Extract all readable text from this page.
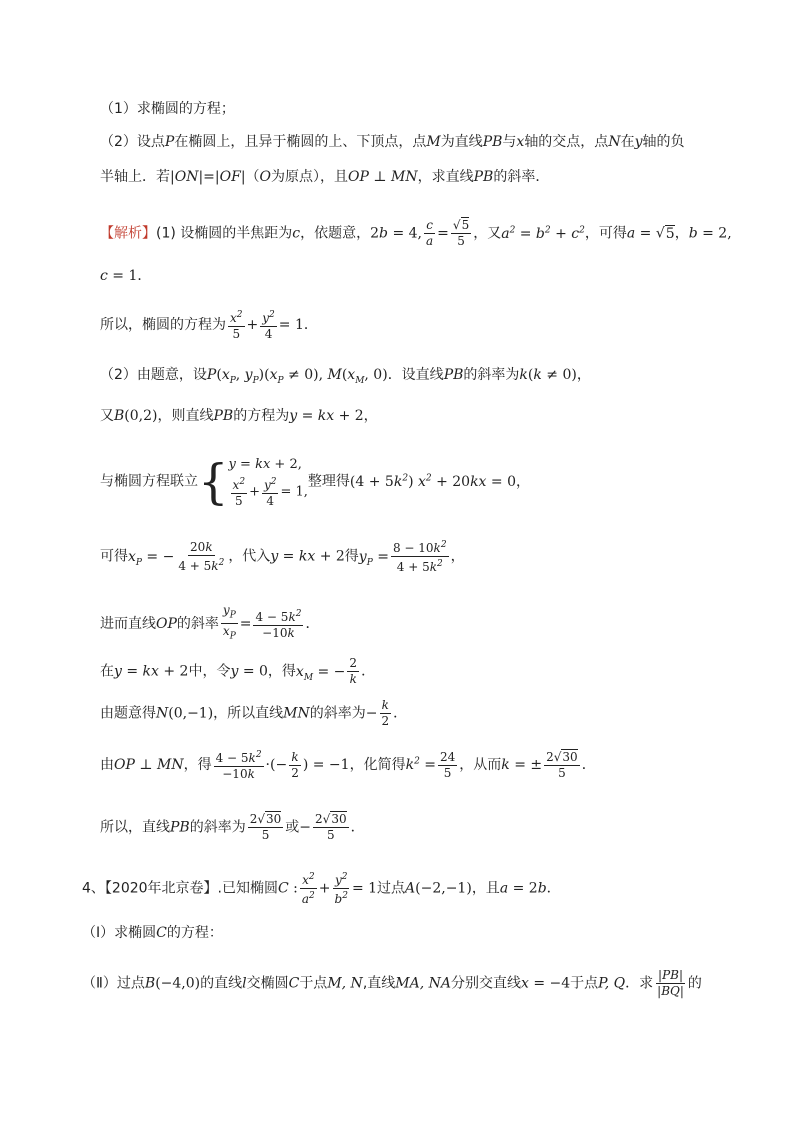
（1）求椭圆的方程；
（2）设点P在椭圆上，且异于椭圆的上、下顶点，点M为直线PB与x轴的交点，点N在y轴的负
半轴上．若|ON|=|OF|（O为原点），且OP ⊥ MN，求直线PB的斜率．
【解析】(1) 设椭圆的半焦距为c，依题意，2b = 4, $\frac{c}{a} = \frac{√5}{5}$ ，又$a^2 = b^2 + c^2$，可得a = √5，b = 2,
c = 1．
所以，椭圆的方程为 $\frac{x^2}{5} + \frac{y^2}{4} = 1$．
（2）由题意，设$P(x_P$, $y_P)(x_P \ne 0)$, $M(x_M$, 0)．设直线PB的斜率为k(k ≠ 0)，
又B(0,2)，则直线PB的方程为y = kx + 2，
与椭圆方程联立 { y = kx + 2,
$\frac{x^2}{5} + \frac{y^2}{4} = 1$,
整理得$(4 + 5k^2)$ $x^2 + 20kx = 0$，
可得$x_P$ = − $\frac{20k}{4 + 5k^2}$ ，代入y = kx + 2得$y_P = \frac{8 - 10k^2}{4 + 5k^2}$ ，
进而直线OP的斜率 $\frac{y_P}{x_P} = \frac{4 - 5k^2}{-10k}$ ．
在y = kx + 2中，令y = 0，得$x_M$ = − $\frac{2}{k}$ ．
由题意得N(0,−1)，所以直线MN的斜率为− $\frac{k}{2}$ ．
由OP ⊥ MN，得 $\frac{4 - 5k^2}{-10k}$ ·(− $\frac{k}{2}$ ) = −1，化简得$k^2 = \frac{24}{5}$ ，从而k = ± $\frac{2√30}{5}$ ．
所以，直线PB的斜率为 $\frac{2√30}{5}$ 或− $\frac{2√30}{5}$ ．
4、【2020年北京卷】.已知椭圆C : $\frac{x^2}{a^2} + \frac{y^2}{b^2} = 1$过点A(−2,−1)，且a = 2b．
（Ⅰ）求椭圆C的方程：
（Ⅱ）过点B(−4,0)的直线l交椭圆C于点M, N,直线MA, NA分别交直线x = −4于点P, Q．求 $\frac{|PB|}{|BQ|}$ 的
